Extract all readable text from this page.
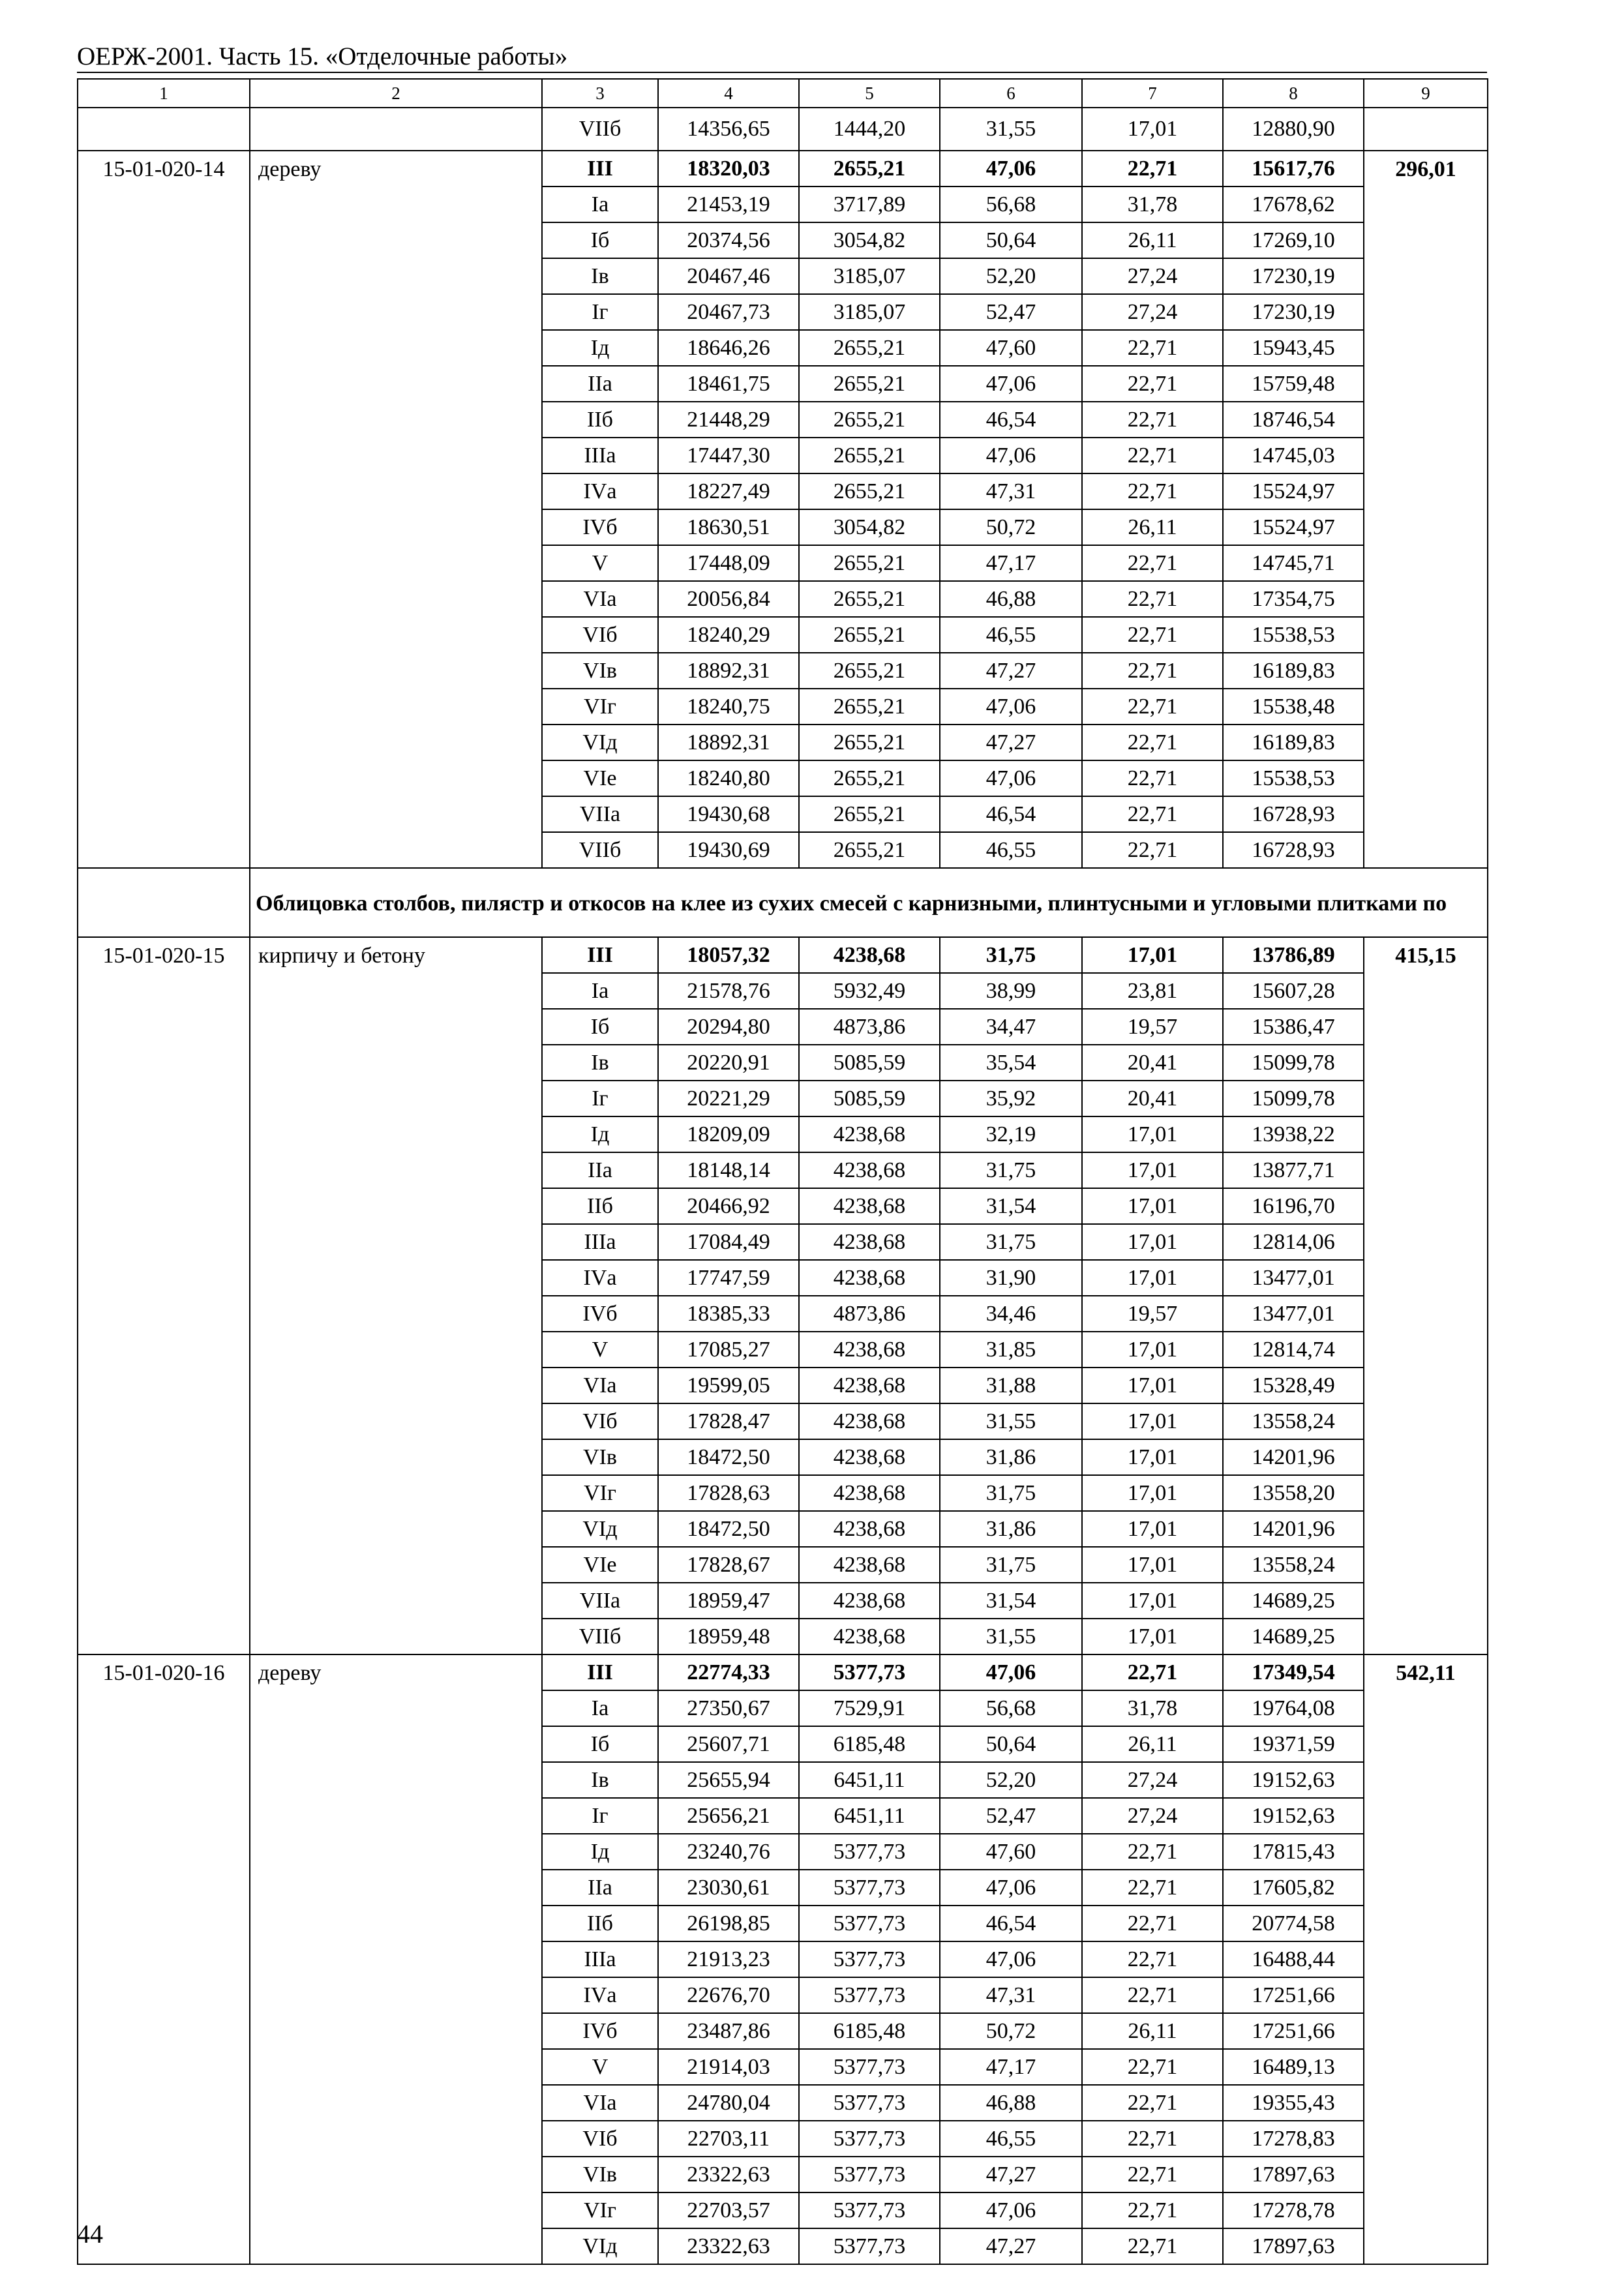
ОЕРЖ-2001. Часть 15. «Отделочные работы»
1	2	3	4	5	6	7	8	9
		VIIб	14356,65	1444,20	31,55	17,01	12880,90	
15-01-020-14	дереву	III	18320,03	2655,21	47,06	22,71	15617,76	296,01
		Iа	21453,19	3717,89	56,68	31,78	17678,62	
		Iб	20374,56	3054,82	50,64	26,11	17269,10	
		Iв	20467,46	3185,07	52,20	27,24	17230,19	
		Iг	20467,73	3185,07	52,47	27,24	17230,19	
		Iд	18646,26	2655,21	47,60	22,71	15943,45	
		IIа	18461,75	2655,21	47,06	22,71	15759,48	
		IIб	21448,29	2655,21	46,54	22,71	18746,54	
		IIIа	17447,30	2655,21	47,06	22,71	14745,03	
		IVа	18227,49	2655,21	47,31	22,71	15524,97	
		IVб	18630,51	3054,82	50,72	26,11	15524,97	
		V	17448,09	2655,21	47,17	22,71	14745,71	
		VIа	20056,84	2655,21	46,88	22,71	17354,75	
		VIб	18240,29	2655,21	46,55	22,71	15538,53	
		VIв	18892,31	2655,21	47,27	22,71	16189,83	
		VIг	18240,75	2655,21	47,06	22,71	15538,48	
		VIд	18892,31	2655,21	47,27	22,71	16189,83	
		VIе	18240,80	2655,21	47,06	22,71	15538,53	
		VIIа	19430,68	2655,21	46,54	22,71	16728,93	
		VIIб	19430,69	2655,21	46,55	22,71	16728,93	
	Облицовка столбов, пилястр и откосов на клее из сухих смесей с карнизными, плинтусными и угловыми плитками по							
15-01-020-15	кирпичу и бетону	III	18057,32	4238,68	31,75	17,01	13786,89	415,15
		Iа	21578,76	5932,49	38,99	23,81	15607,28	
		Iб	20294,80	4873,86	34,47	19,57	15386,47	
		Iв	20220,91	5085,59	35,54	20,41	15099,78	
		Iг	20221,29	5085,59	35,92	20,41	15099,78	
		Iд	18209,09	4238,68	32,19	17,01	13938,22	
		IIа	18148,14	4238,68	31,75	17,01	13877,71	
		IIб	20466,92	4238,68	31,54	17,01	16196,70	
		IIIа	17084,49	4238,68	31,75	17,01	12814,06	
		IVа	17747,59	4238,68	31,90	17,01	13477,01	
		IVб	18385,33	4873,86	34,46	19,57	13477,01	
		V	17085,27	4238,68	31,85	17,01	12814,74	
		VIа	19599,05	4238,68	31,88	17,01	15328,49	
		VIб	17828,47	4238,68	31,55	17,01	13558,24	
		VIв	18472,50	4238,68	31,86	17,01	14201,96	
		VIг	17828,63	4238,68	31,75	17,01	13558,20	
		VIд	18472,50	4238,68	31,86	17,01	14201,96	
		VIе	17828,67	4238,68	31,75	17,01	13558,24	
		VIIа	18959,47	4238,68	31,54	17,01	14689,25	
		VIIб	18959,48	4238,68	31,55	17,01	14689,25	
15-01-020-16	дереву	III	22774,33	5377,73	47,06	22,71	17349,54	542,11
		Iа	27350,67	7529,91	56,68	31,78	19764,08	
		Iб	25607,71	6185,48	50,64	26,11	19371,59	
		Iв	25655,94	6451,11	52,20	27,24	19152,63	
		Iг	25656,21	6451,11	52,47	27,24	19152,63	
		Iд	23240,76	5377,73	47,60	22,71	17815,43	
		IIа	23030,61	5377,73	47,06	22,71	17605,82	
		IIб	26198,85	5377,73	46,54	22,71	20774,58	
		IIIа	21913,23	5377,73	47,06	22,71	16488,44	
		IVа	22676,70	5377,73	47,31	22,71	17251,66	
		IVб	23487,86	6185,48	50,72	26,11	17251,66	
		V	21914,03	5377,73	47,17	22,71	16489,13	
		VIа	24780,04	5377,73	46,88	22,71	19355,43	
		VIб	22703,11	5377,73	46,55	22,71	17278,83	
		VIв	23322,63	5377,73	47,27	22,71	17897,63	
		VIг	22703,57	5377,73	47,06	22,71	17278,78	
		VIд	23322,63	5377,73	47,27	22,71	17897,63	
44
